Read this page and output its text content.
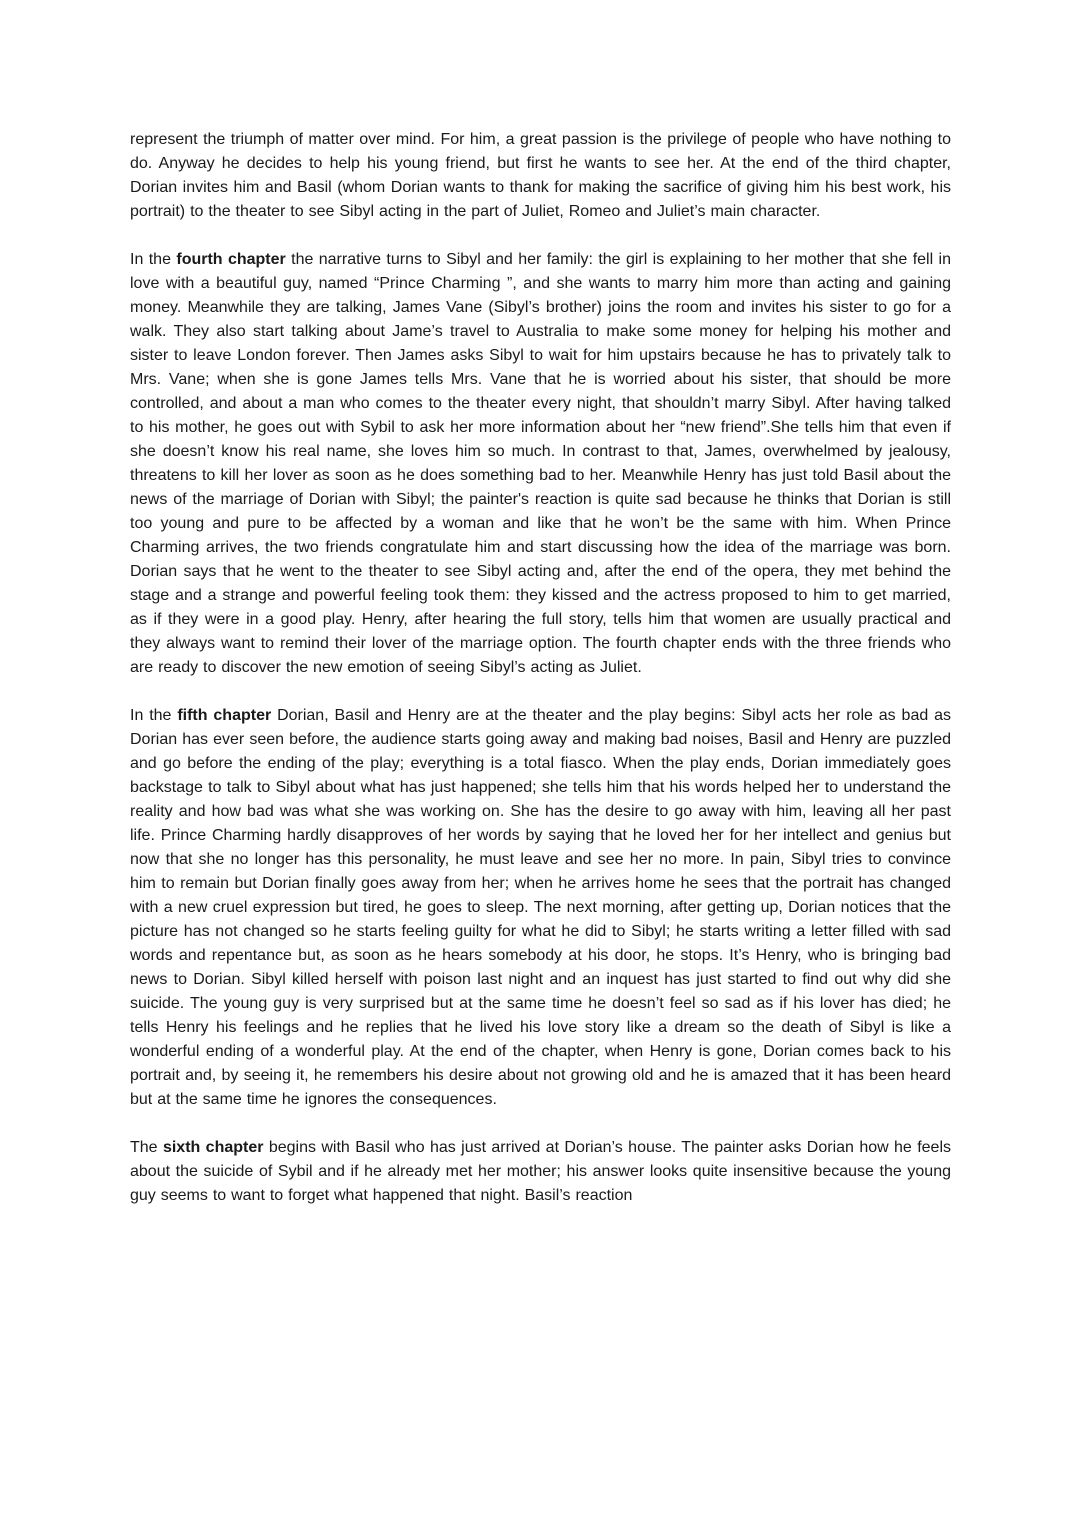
represent the triumph of matter over mind. For him, a great passion is the privilege of people who have nothing to do. Anyway he decides to help his young friend, but first he wants to see her. At the end of the third chapter, Dorian invites him and Basil (whom Dorian wants to thank for making the sacrifice of giving him his best work, his portrait) to the theater to see Sibyl acting in the part of Juliet, Romeo and Juliet’s main character.

In the fourth chapter the narrative turns to Sibyl and her family: the girl is explaining to her mother that she fell in love with a beautiful guy, named “Prince Charming ”, and she wants to marry him more than acting and gaining money. Meanwhile they are talking, James Vane (Sibyl’s brother) joins the room and invites his sister to go for a walk. They also start talking about Jame’s travel to Australia to make some money for helping his mother and sister to leave London forever. Then James asks Sibyl to wait for him upstairs because he has to privately talk to Mrs. Vane; when she is gone James tells Mrs. Vane that he is worried about his sister, that should be more controlled, and about a man who comes to the theater every night, that shouldn’t marry Sibyl. After having talked to his mother, he goes out with Sybil to ask her more information about her “new friend”.She tells him that even if she doesn’t know his real name, she loves him so much. In contrast to that, James, overwhelmed by jealousy, threatens to kill her lover as soon as he does something bad to her. Meanwhile Henry has just told Basil about the news of the marriage of Dorian with Sibyl; the painter's reaction is quite sad because he thinks that Dorian is still too young and pure to be affected by a woman and like that he won’t be the same with him. When Prince Charming arrives, the two friends congratulate him and start discussing how the idea of the marriage was born. Dorian says that he went to the theater to see Sibyl acting and, after the end of the opera, they met behind the stage and a strange and powerful feeling took them: they kissed and the actress proposed to him to get married, as if they were in a good play. Henry, after hearing the full story, tells him that women are usually practical and they always want to remind their lover of the marriage option. The fourth chapter ends with the three friends who are ready to discover the new emotion of seeing Sibyl’s acting as Juliet.

In the fifth chapter Dorian, Basil and Henry are at the theater and the play begins: Sibyl acts her role as bad as Dorian has ever seen before, the audience starts going away and making bad noises, Basil and Henry are puzzled and go before the ending of the play; everything is a total fiasco. When the play ends, Dorian immediately goes backstage to talk to Sibyl about what has just happened; she tells him that his words helped her to understand the reality and how bad was what she was working on. She has the desire to go away with him, leaving all her past life. Prince Charming hardly disapproves of her words by saying that he loved her for her intellect and genius but now that she no longer has this personality, he must leave and see her no more. In pain, Sibyl tries to convince him to remain but Dorian finally goes away from her; when he arrives home he sees that the portrait has changed with a new cruel expression but tired, he goes to sleep. The next morning, after getting up, Dorian notices that the picture has not changed so he starts feeling guilty for what he did to Sibyl; he starts writing a letter filled with sad words and repentance but, as soon as he hears somebody at his door, he stops. It’s Henry, who is bringing bad news to Dorian. Sibyl killed herself with poison last night and an inquest has just started to find out why did she suicide. The young guy is very surprised but at the same time he doesn’t feel so sad as if his lover has died; he tells Henry his feelings and he replies that he lived his love story like a dream so the death of Sibyl is like a wonderful ending of a wonderful play. At the end of the chapter, when Henry is gone, Dorian comes back to his portrait and, by seeing it, he remembers his desire about not growing old and he is amazed that it has been heard but at the same time he ignores the consequences.

The sixth chapter begins with Basil who has just arrived at Dorian’s house. The painter asks Dorian how he feels about the suicide of Sybil and if he already met her mother; his answer looks quite insensitive because the young guy seems to want to forget what happened that night. Basil’s reaction
